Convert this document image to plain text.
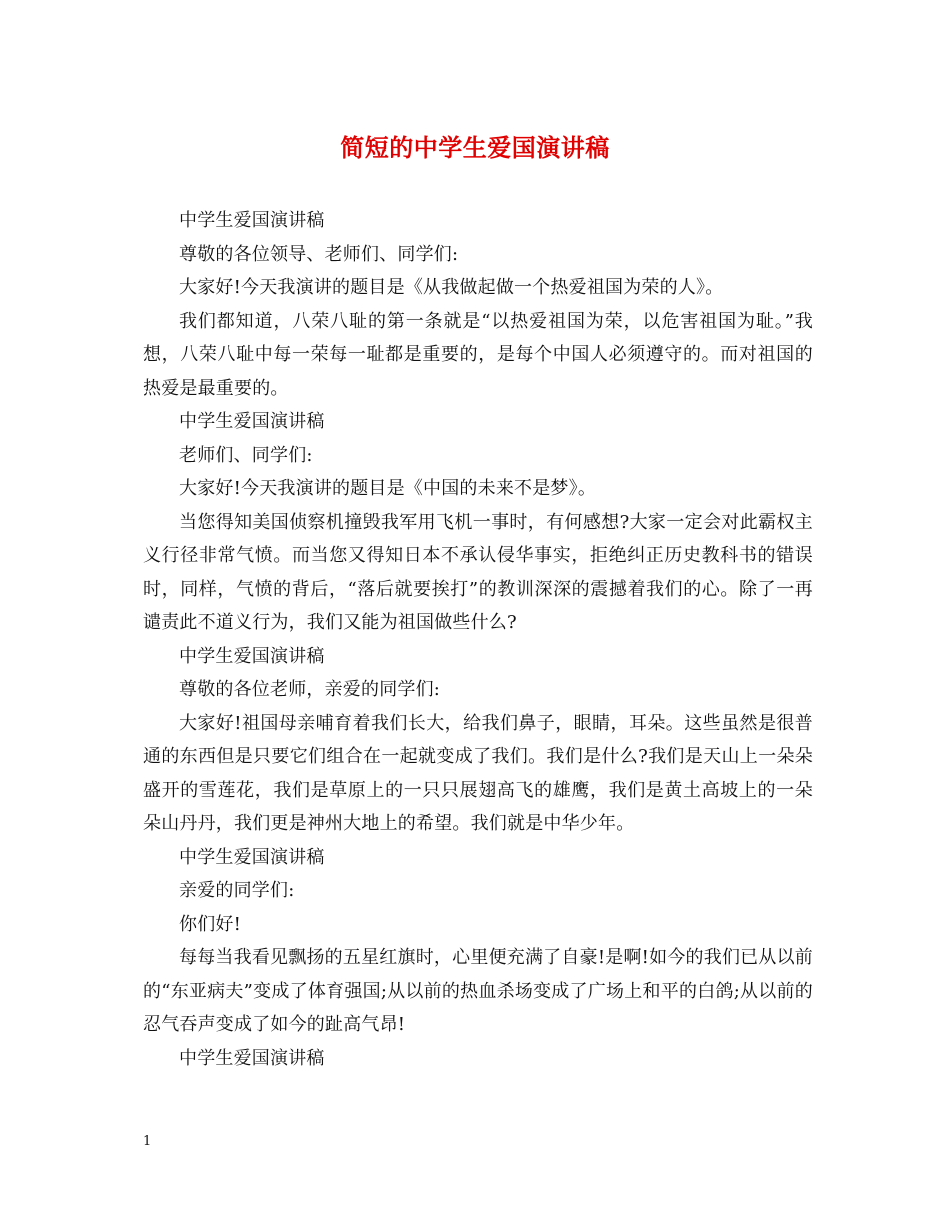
简短的中学生爱国演讲稿

中学生爱国演讲稿

尊敬的各位领导、老师们、同学们:

大家好!今天我演讲的题目是《从我做起做一个热爱祖国为荣的人》。

我们都知道，八荣八耻的第一条就是“以热爱祖国为荣，以危害祖国为耻。”我想，八荣八耻中每一荣每一耻都是重要的，是每个中国人必须遵守的。而对祖国的热爱是最重要的。

中学生爱国演讲稿

老师们、同学们:

大家好!今天我演讲的题目是《中国的未来不是梦》。

当您得知美国侦察机撞毁我军用飞机一事时，有何感想?大家一定会对此霸权主义行径非常气愤。而当您又得知日本不承认侵华事实，拒绝纠正历史教科书的错误时，同样，气愤的背后，“落后就要挨打”的教训深深的震撼着我们的心。除了一再谴责此不道义行为，我们又能为祖国做些什么?

中学生爱国演讲稿

尊敬的各位老师，亲爱的同学们:

大家好!祖国母亲哺育着我们长大，给我们鼻子，眼睛，耳朵。这些虽然是很普通的东西但是只要它们组合在一起就变成了我们。我们是什么?我们是天山上一朵朵盛开的雪莲花，我们是草原上的一只只展翅高飞的雄鹰，我们是黄土高坡上的一朵朵山丹丹，我们更是神州大地上的希望。我们就是中华少年。

中学生爱国演讲稿

亲爱的同学们:

你们好!

每每当我看见飘扬的五星红旗时，心里便充满了自豪!是啊!如今的我们已从以前的“东亚病夫”变成了体育强国;从以前的热血杀场变成了广场上和平的白鸽;从以前的忍气吞声变成了如今的趾高气昂!

中学生爱国演讲稿

1
